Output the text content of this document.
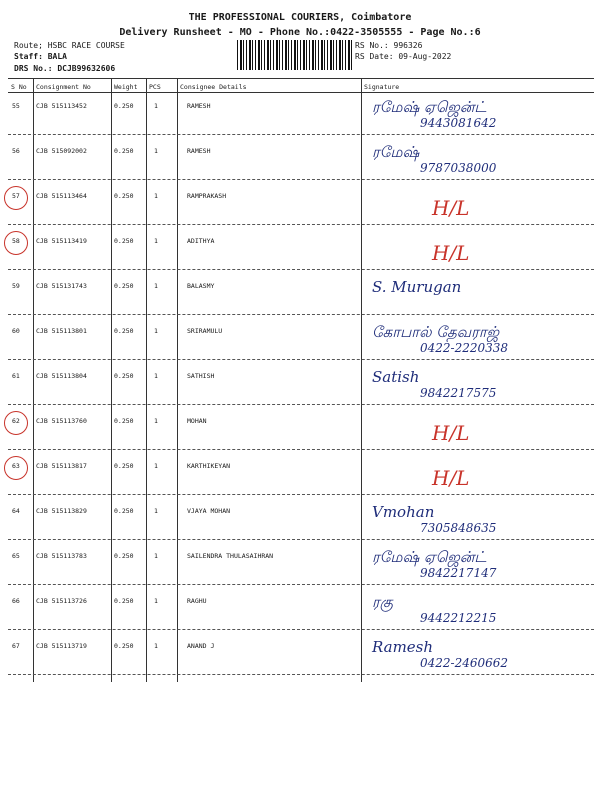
THE PROFESSIONAL COURIERS, Coimbatore
Delivery Runsheet - MO - Phone No.:0422-3505555 - Page No.:6
Route; HSBC RACE COURSE
Staff: BALA
DRS No.: DCJB99632606
RS No.: 996326
RS Date: 09-Aug-2022
S No Consignment No	Weight PCS	Consignee Details	Signature
55 CJB 515113452	0.250	1	RAMESH	ரமேஷ் ஏஜென்ட்
9443081642
56 CJB 515092002	0.250	1	RAMESH	ரமேஷ்
9787038000
57 CJB 515113464	0.250	1	RAMPRAKASH	H/L
58 CJB 515113419	0.250	1	ADITHYA	H/L
59 CJB 515131743	0.250	1	BALASMY	S. Murugan
60 CJB 515113801	0.250	1	SRIRAMULU	கோபால் தேவராஜ்
0422-2220338
61 CJB 515113804	0.250	1	SATHISH	Satish
9842217575
62 CJB 515113760	0.250	1	MOHAN	H/L
63 CJB 515113817	0.250	1	KARTHIKEYAN	H/L
64 CJB 515113829	0.250	1	VJAYA MOHAN	Vmohan
7305848635
65 CJB 515113783	0.250	1	SAILENDRA THULASAIHRAN	ரமேஷ் ஏஜென்ட்
9842217147
66 CJB 515113726	0.250	1	RAGHU	ரகு
9442212215
67 CJB 515113719	0.250	1	ANAND J	Ramesh
0422-2460662
